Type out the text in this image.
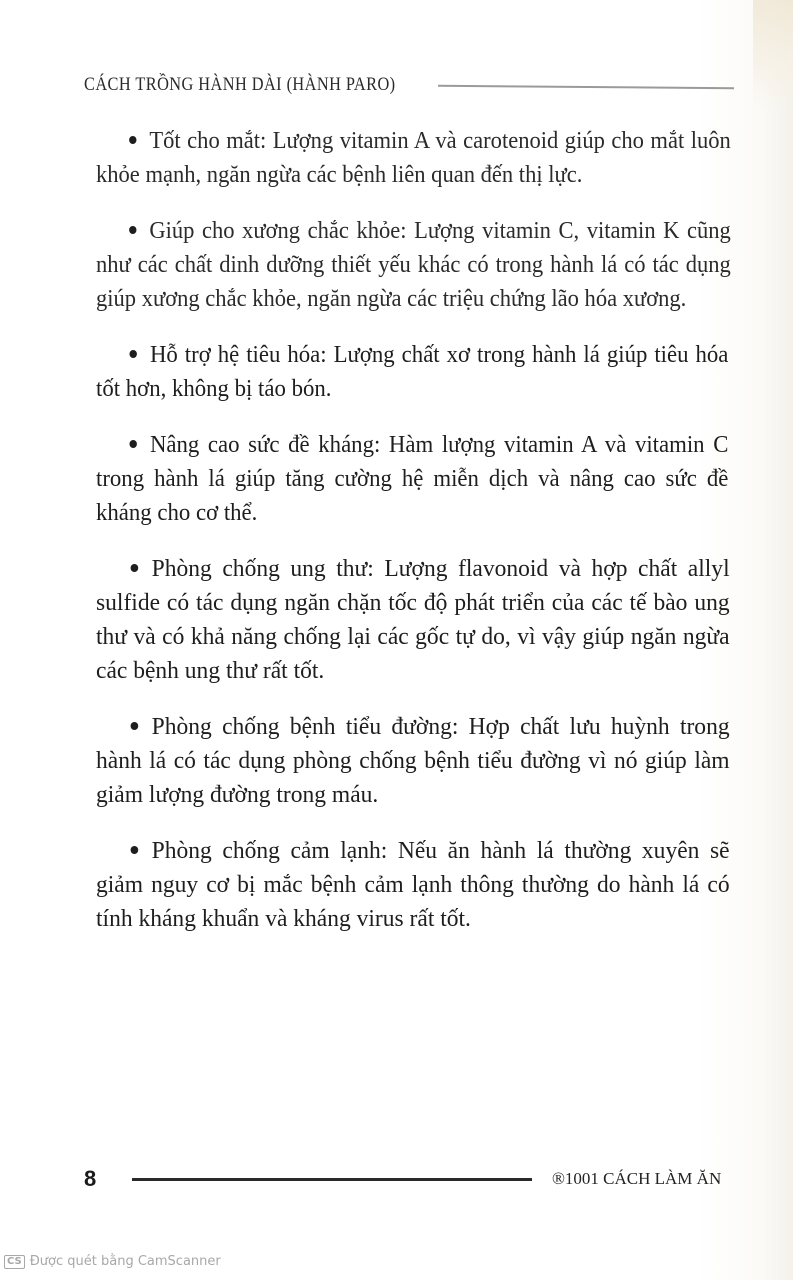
CÁCH TRỒNG HÀNH DÀI (HÀNH PARO)

Tốt cho mắt: Lượng vitamin A và carotenoid giúp cho mắt luôn khỏe mạnh, ngăn ngừa các bệnh liên quan đến thị lực.

Giúp cho xương chắc khỏe: Lượng vitamin C, vitamin K cũng như các chất dinh dưỡng thiết yếu khác có trong hành lá có tác dụng giúp xương chắc khỏe, ngăn ngừa các triệu chứng lão hóa xương.

Hỗ trợ hệ tiêu hóa: Lượng chất xơ trong hành lá giúp tiêu hóa tốt hơn, không bị táo bón.

Nâng cao sức đề kháng: Hàm lượng vitamin A và vitamin C trong hành lá giúp tăng cường hệ miễn dịch và nâng cao sức đề kháng cho cơ thể.

Phòng chống ung thư: Lượng flavonoid và hợp chất allyl sulfide có tác dụng ngăn chặn tốc độ phát triển của các tế bào ung thư và có khả năng chống lại các gốc tự do, vì vậy giúp ngăn ngừa các bệnh ung thư rất tốt.

Phòng chống bệnh tiểu đường: Hợp chất lưu huỳnh trong hành lá có tác dụng phòng chống bệnh tiểu đường vì nó giúp làm giảm lượng đường trong máu.

Phòng chống cảm lạnh: Nếu ăn hành lá thường xuyên sẽ giảm nguy cơ bị mắc bệnh cảm lạnh thông thường do hành lá có tính kháng khuẩn và kháng virus rất tốt.

8	®1001 CÁCH LÀM ĂN
CS Được quét bằng CamScanner
